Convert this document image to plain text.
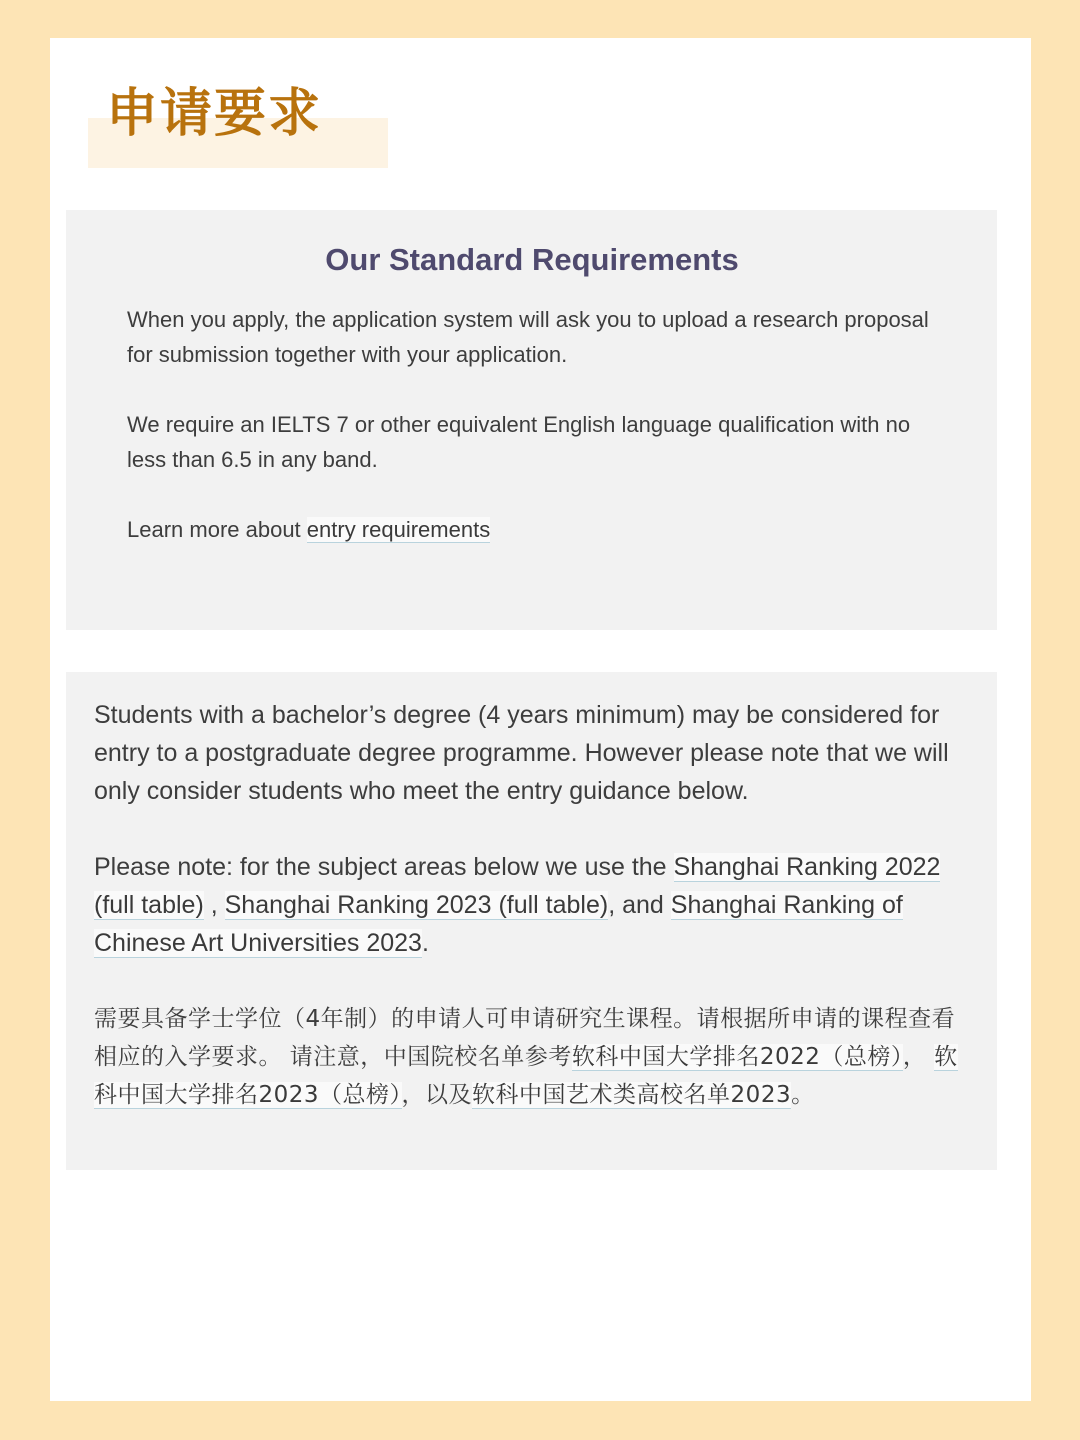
申请要求
Our Standard Requirements

When you apply, the application system will ask you to upload a research proposal for submission together with your application.

We require an IELTS 7 or other equivalent English language qualification with no less than 6.5 in any band.

Learn more about entry requirements

Students with a bachelor’s degree (4 years minimum) may be considered for entry to a postgraduate degree programme. However please note that we will only consider students who meet the entry guidance below.

Please note: for the subject areas below we use the Shanghai Ranking 2022 (full table) , Shanghai Ranking 2023 (full table), and Shanghai Ranking of Chinese Art Universities 2023.

需要具备学士学位（4年制）的申请人可申请研究生课程。请根据所申请的课程查看相应的入学要求。 请注意，中国院校名单参考软科中国大学排名2022（总榜）， 软科中国大学排名2023（总榜），以及软科中国艺术类高校名单2023。
